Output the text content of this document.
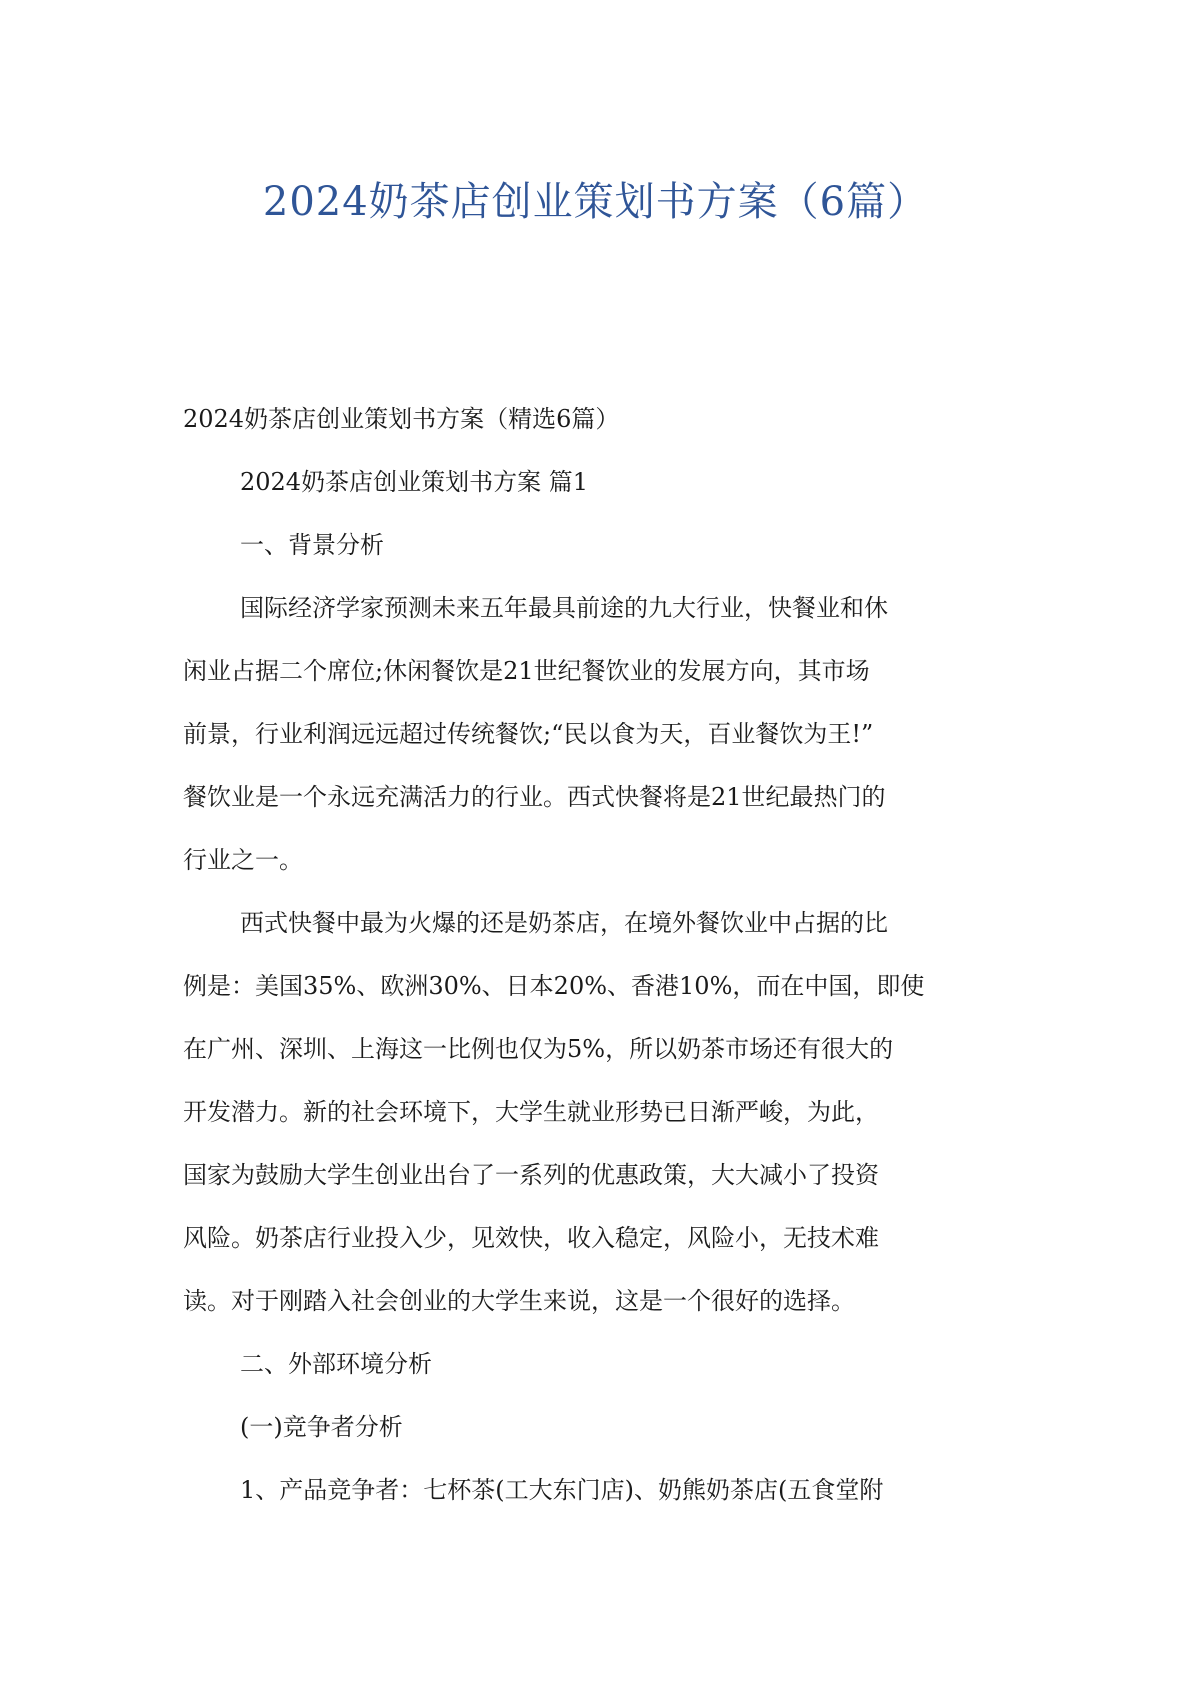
2024奶茶店创业策划书方案（6篇）
2024奶茶店创业策划书方案（精选6篇）
2024奶茶店创业策划书方案 篇1
一、背景分析
国际经济学家预测未来五年最具前途的九大行业，快餐业和休
闲业占据二个席位;休闲餐饮是21世纪餐饮业的发展方向，其市场
前景，行业利润远远超过传统餐饮;“民以食为天，百业餐饮为王!”
餐饮业是一个永远充满活力的行业。西式快餐将是21世纪最热门的
行业之一。
西式快餐中最为火爆的还是奶茶店，在境外餐饮业中占据的比
例是：美国35%、欧洲30%、日本20%、香港10%，而在中国，即使
在广州、深圳、上海这一比例也仅为5%，所以奶茶市场还有很大的
开发潜力。新的社会环境下，大学生就业形势已日渐严峻，为此，
国家为鼓励大学生创业出台了一系列的优惠政策，大大减小了投资
风险。奶茶店行业投入少，见效快，收入稳定，风险小，无技术难
读。对于刚踏入社会创业的大学生来说，这是一个很好的选择。
二、外部环境分析
(一)竞争者分析
1、产品竞争者：七杯茶(工大东门店)、奶熊奶茶店(五食堂附
